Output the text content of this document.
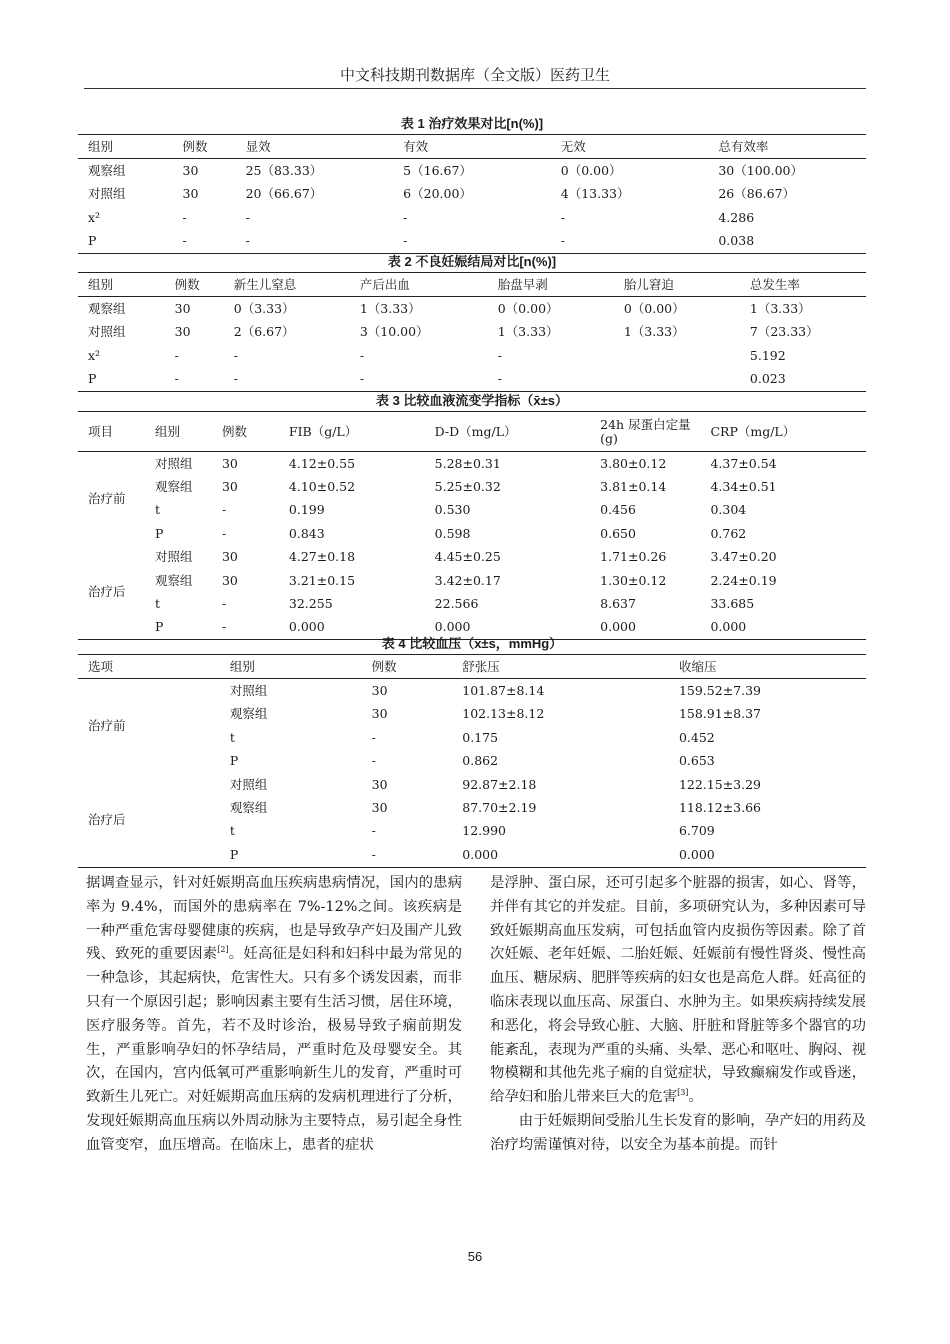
中文科技期刊数据库（全文版）医药卫生
表 1 治疗效果对比[n(%)]
组别	例数	显效	有效	无效	总有效率
观察组	30	25（83.33）	5（16.67）	0（0.00）	30（100.00）
对照组	30	20（66.67）	6（20.00）	4（13.33）	26（86.67）
x²	-	-	-	-	4.286
P	-	-	-	-	0.038
表 2 不良妊娠结局对比[n(%)]
组别	例数	新生儿窒息	产后出血	胎盘早剥	胎儿窘迫	总发生率
观察组	30	0（3.33）	1（3.33）	0（0.00）	0（0.00）	1（3.33）
对照组	30	2（6.67）	3（10.00）	1（3.33）	1（3.33）	7（23.33）
x²	-	-	-	-		5.192
P	-	-	-	-		0.023
表 3 比较血液流变学指标（x̄±s）
项目	组别	例数	FIB（g/L）	D-D（mg/L）	24h 尿蛋白定量(g)	CRP（mg/L）
治疗前	对照组	30	4.12±0.55	5.28±0.31	3.80±0.12	4.37±0.54
	观察组	30	4.10±0.52	5.25±0.32	3.81±0.14	4.34±0.51
	t	-	0.199	0.530	0.456	0.304
	P	-	0.843	0.598	0.650	0.762
治疗后	对照组	30	4.27±0.18	4.45±0.25	1.71±0.26	3.47±0.20
	观察组	30	3.21±0.15	3.42±0.17	1.30±0.12	2.24±0.19
	t	-	32.255	22.566	8.637	33.685
	P	-	0.000	0.000	0.000	0.000
表 4 比较血压（x̄±s，mmHg）
选项	组别	例数	舒张压	收缩压
治疗前	对照组	30	101.87±8.14	159.52±7.39
	观察组	30	102.13±8.12	158.91±8.37
	t	-	0.175	0.452
	P	-	0.862	0.653
治疗后	对照组	30	92.87±2.18	122.15±3.29
	观察组	30	87.70±2.19	118.12±3.66
	t	-	12.990	6.709
	P	-	0.000	0.000

据调查显示，针对妊娠期高血压疾病患病情况，国内的患病率为 9.4%，而国外的患病率在 7%-12%之间。该疾病是一种严重危害母婴健康的疾病，也是导致孕产妇及围产儿致残、致死的重要因素[2]。妊高征是妇科和妇科中最为常见的一种急诊，其起病快，危害性大。只有多个诱发因素，而非只有一个原因引起；影响因素主要有生活习惯，居住环境，医疗服务等。首先，若不及时诊治，极易导致子痫前期发生，严重影响孕妇的怀孕结局，严重时危及母婴安全。其次，在国内，宫内低氧可严重影响新生儿的发育，严重时可致新生儿死亡。对妊娠期高血压病的发病机理进行了分析，发现妊娠期高血压病以外周动脉为主要特点，易引起全身性血管变窄，血压增高。在临床上，患者的症状

是浮肿、蛋白尿，还可引起多个脏器的损害，如心、肾等，并伴有其它的并发症。目前，多项研究认为，多种因素可导致妊娠期高血压发病，可包括血管内皮损伤等因素。除了首次妊娠、老年妊娠、二胎妊娠、妊娠前有慢性肾炎、慢性高血压、糖尿病、肥胖等疾病的妇女也是高危人群。妊高征的临床表现以血压高、尿蛋白、水肿为主。如果疾病持续发展和恶化，将会导致心脏、大脑、肝脏和肾脏等多个器官的功能紊乱，表现为严重的头痛、头晕、恶心和呕吐、胸闷、视物模糊和其他先兆子痫的自觉症状，导致癫痫发作或昏迷，给孕妇和胎儿带来巨大的危害[3]。

由于妊娠期间受胎儿生长发育的影响，孕产妇的用药及治疗均需谨慎对待，以安全为基本前提。而针

56
